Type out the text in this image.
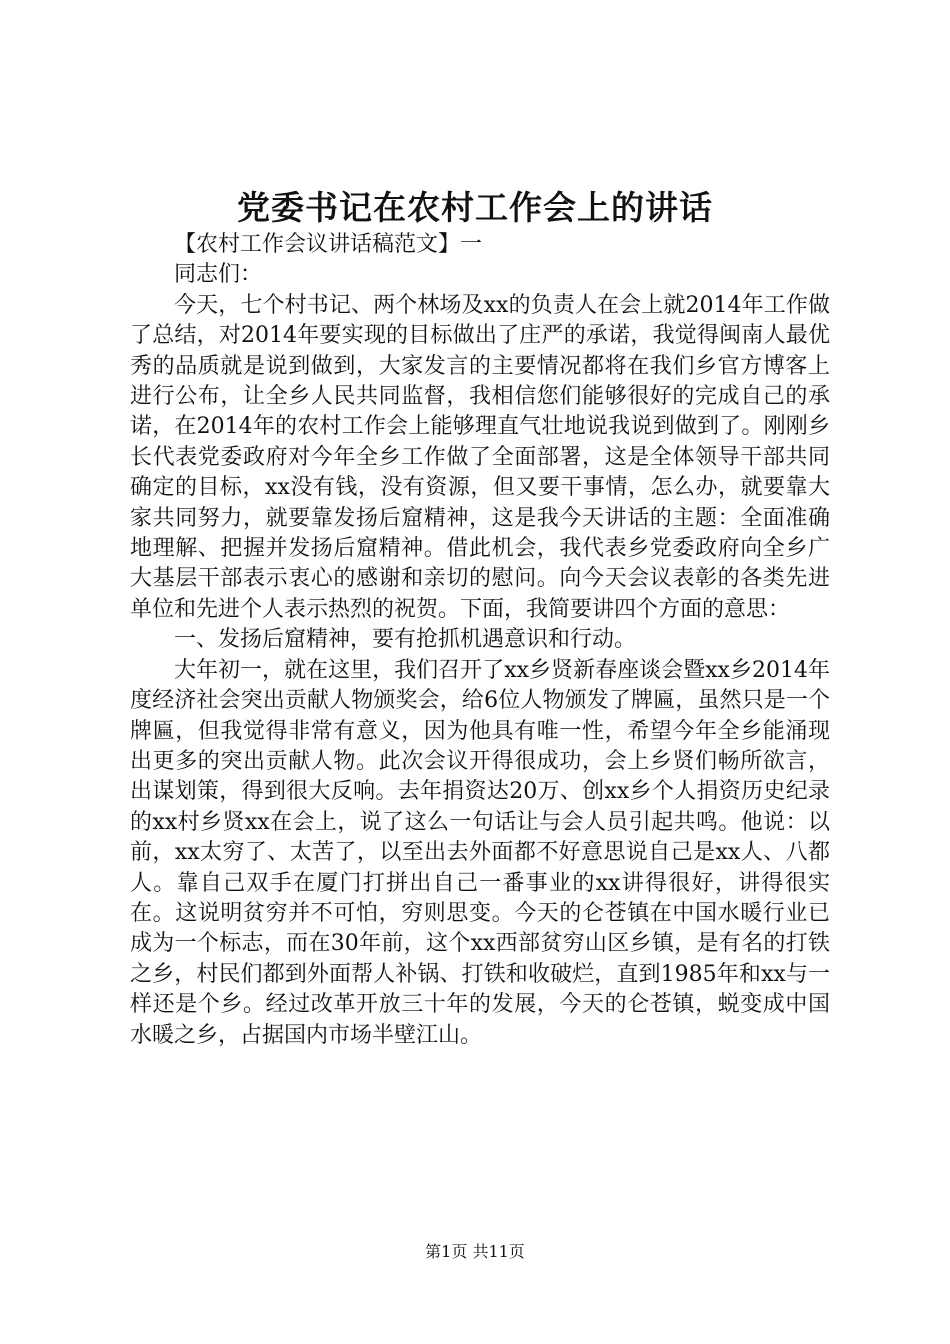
党委书记在农村工作会上的讲话

【农村工作会议讲话稿范文】一

同志们：

今天，七个村书记、两个林场及xx的负责人在会上就2014年工作做了总结，对2014年要实现的目标做出了庄严的承诺，我觉得闽南人最优秀的品质就是说到做到，大家发言的主要情况都将在我们乡官方博客上进行公布，让全乡人民共同监督，我相信您们能够很好的完成自己的承诺，在2014年的农村工作会上能够理直气壮地说我说到做到了。刚刚乡长代表党委政府对今年全乡工作做了全面部署，这是全体领导干部共同确定的目标，xx没有钱，没有资源，但又要干事情，怎么办，就要靠大家共同努力，就要靠发扬后窟精神，这是我今天讲话的主题：全面准确地理解、把握并发扬后窟精神。借此机会，我代表乡党委政府向全乡广大基层干部表示衷心的感谢和亲切的慰问。向今天会议表彰的各类先进单位和先进个人表示热烈的祝贺。下面，我简要讲四个方面的意思：

一、发扬后窟精神，要有抢抓机遇意识和行动。

大年初一，就在这里，我们召开了xx乡贤新春座谈会暨xx乡2014年度经济社会突出贡献人物颁奖会，给6位人物颁发了牌匾，虽然只是一个牌匾，但我觉得非常有意义，因为他具有唯一性，希望今年全乡能涌现出更多的突出贡献人物。此次会议开得很成功，会上乡贤们畅所欲言，出谋划策，得到很大反响。去年捐资达20万、创xx乡个人捐资历史纪录的xx村乡贤xx在会上，说了这么一句话让与会人员引起共鸣。他说：以前，xx太穷了、太苦了，以至出去外面都不好意思说自己是xx人、八都人。靠自己双手在厦门打拼出自己一番事业的xx讲得很好，讲得很实在。这说明贫穷并不可怕，穷则思变。今天的仑苍镇在中国水暖行业已成为一个标志，而在30年前，这个xx西部贫穷山区乡镇，是有名的打铁之乡，村民们都到外面帮人补锅、打铁和收破烂，直到1985年和xx与一样还是个乡。经过改革开放三十年的发展，今天的仑苍镇，蜕变成中国水暖之乡，占据国内市场半壁江山。

第1页 共11页
